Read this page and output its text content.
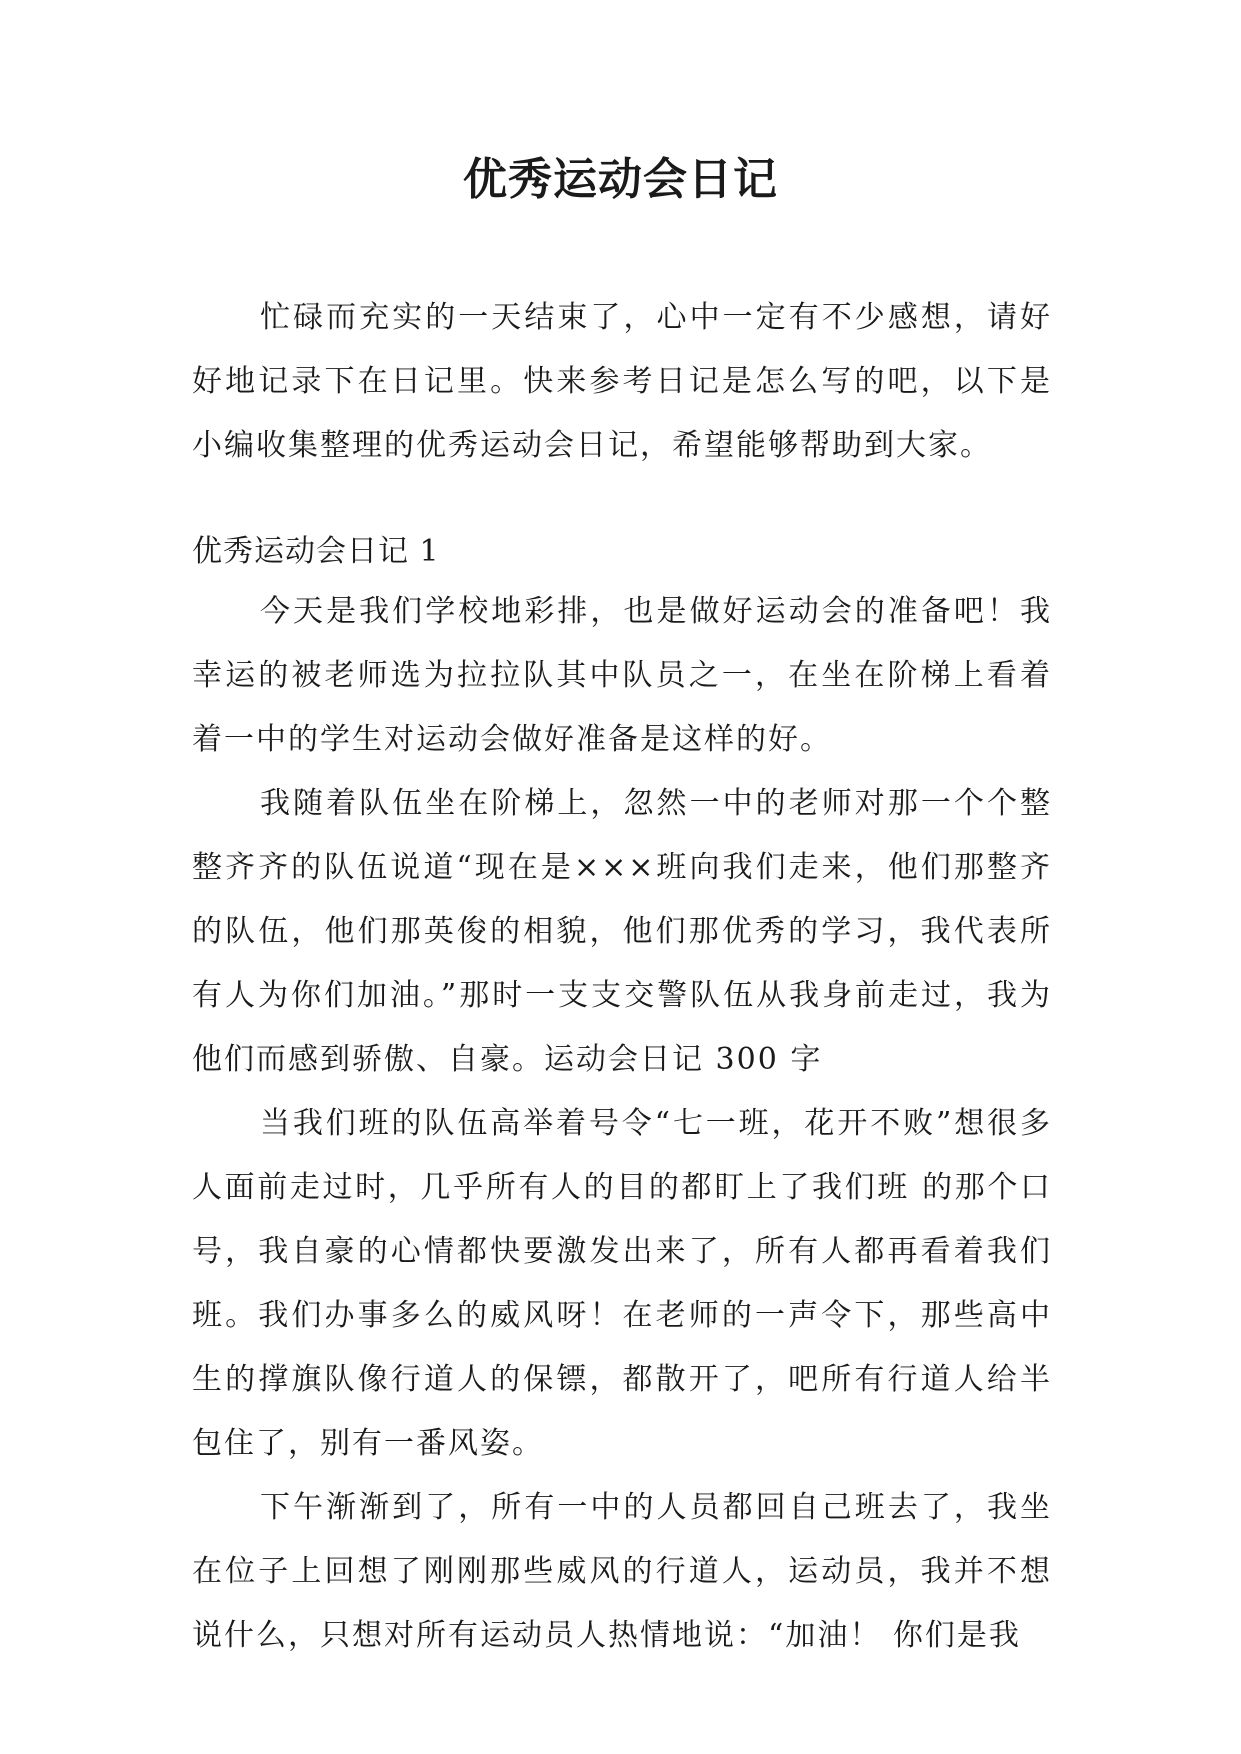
优秀运动会日记

忙碌而充实的一天结束了，心中一定有不少感想，请好好地记录下在日记里。快来参考日记是怎么写的吧，以下是小编收集整理的优秀运动会日记，希望能够帮助到大家。

优秀运动会日记 1

今天是我们学校地彩排，也是做好运动会的准备吧！我幸运的被老师选为拉拉队其中队员之一，在坐在阶梯上看着着一中的学生对运动会做好准备是这样的好。

我随着队伍坐在阶梯上，忽然一中的老师对那一个个整整齐齐的队伍说道“现在是×××班向我们走来，他们那整齐的队伍，他们那英俊的相貌，他们那优秀的学习，我代表所有人为你们加油。”那时一支支交警队伍从我身前走过，我为他们而感到骄傲、自豪。运动会日记 300 字

当我们班的队伍高举着号令“七一班，花开不败”想很多人面前走过时，几乎所有人的目的都盯上了我们班 的那个口号，我自豪的心情都快要激发出来了，所有人都再看着我们班。我们办事多么的威风呀！在老师的一声令下，那些高中生的撑旗队像行道人的保镖，都散开了，吧所有行道人给半包住了，别有一番风姿。

下午渐渐到了，所有一中的人员都回自己班去了，我坐在位子上回想了刚刚那些威风的行道人，运动员，我并不想说什么，只想对所有运动员人热情地说：“加油！ 你们是我
